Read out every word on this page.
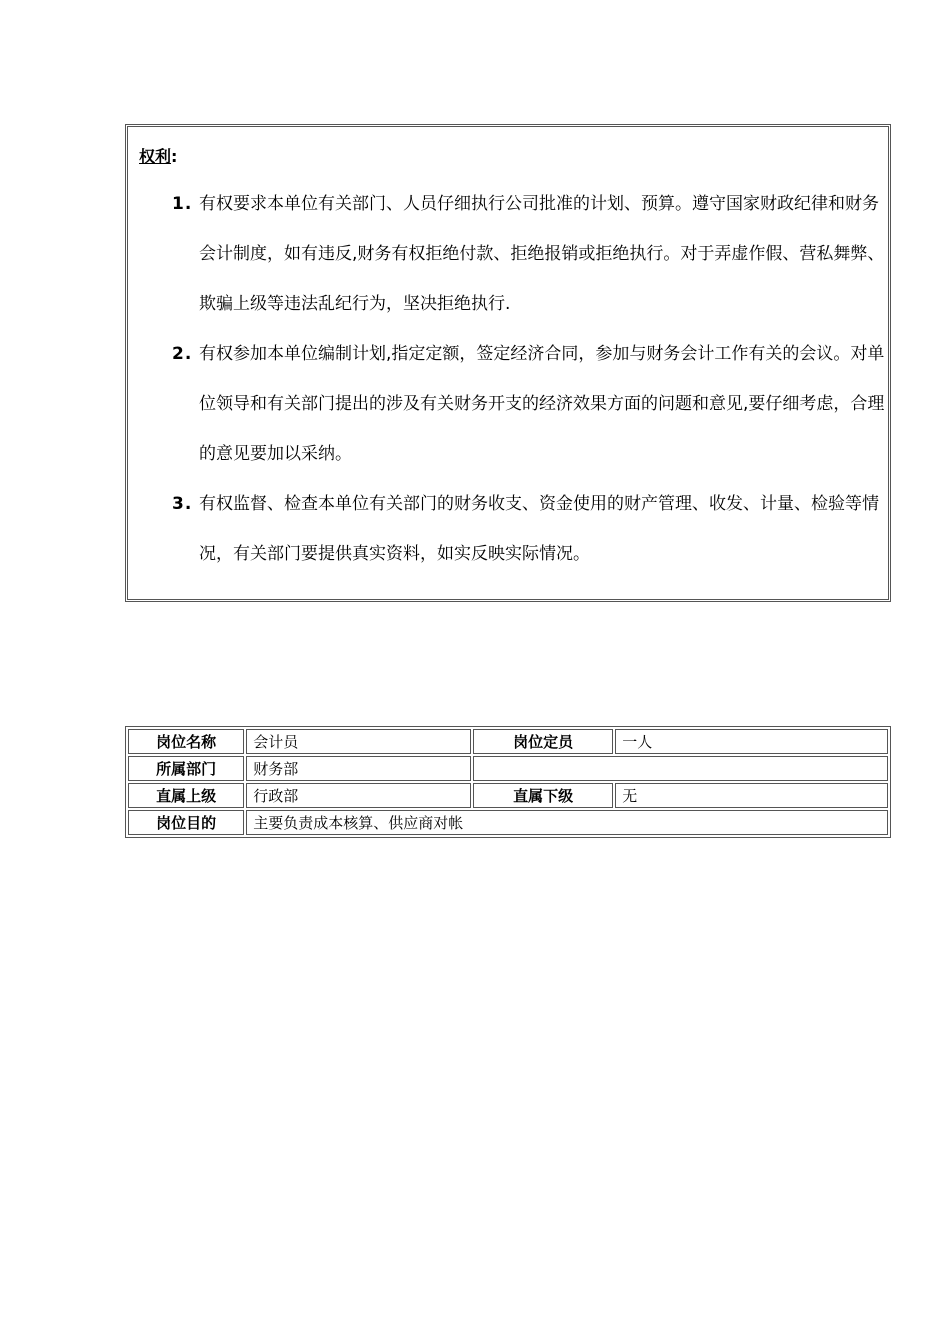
权利:

1. 有权要求本单位有关部门、人员仔细执行公司批准的计划、预算。遵守国家财政纪律和财务会计制度，如有违反,财务有权拒绝付款、拒绝报销或拒绝执行。对于弄虚作假、营私舞弊、欺骗上级等违法乱纪行为，坚决拒绝执行.

2. 有权参加本单位编制计划,指定定额，签定经济合同，参加与财务会计工作有关的会议。对单位领导和有关部门提出的涉及有关财务开支的经济效果方面的问题和意见,要仔细考虑，合理的意见要加以采纳。

3. 有权监督、检查本单位有关部门的财务收支、资金使用的财产管理、收发、计量、检验等情况，有关部门要提供真实资料，如实反映实际情况。

岗位名称	会计员	岗位定员	一人
所属部门	财务部		
直属上级	行政部	直属下级	无
岗位目的	主要负责成本核算、供应商对帐		
